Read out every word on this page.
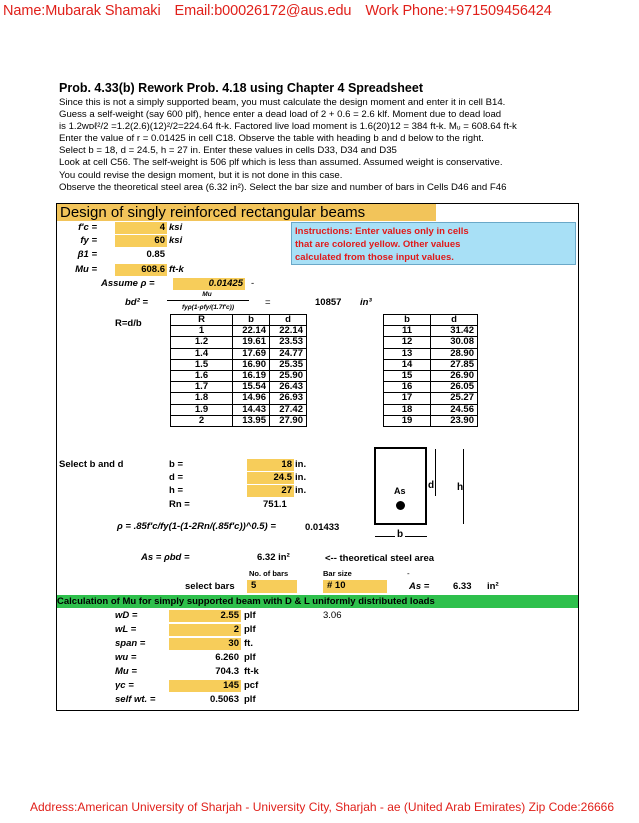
Name:Mubarak Shamaki Email:b00026172@aus.edu Work Phone:+971509456424
Prob. 4.33(b) Rework Prob. 4.18 using Chapter 4 Spreadsheet
Since this is not a simply supported beam, you must calculate the design moment and enter it in cell B14.
Guess a self-weight (say 600 plf), hence enter a dead load of 2 + 0.6 = 2.6 klf. Moment due to dead load
is 1.2wᴅℓ²/2 =1.2(2.6)(12)²/2=224.64 ft-k. Factored live load moment is 1.6(20)12 = 384 ft-k. Mᵤ = 608.64 ft-k
Enter the value of r = 0.01425 in cell C18. Observe the table with heading b and d below to the right.
Select b = 18, d = 24.5, h = 27 in. Enter these values in cells D33, D34 and D35
Look at cell C56. The self-weight is 506 plf which is less than assumed. Assumed weight is conservative.
You could revise the design moment, but it is not done in this case.
Observe the theoretical steel area (6.32 in²). Select the bar size and number of bars in Cells D46 and F46
Design of singly reinforced rectangular beams
Instructions: Enter values only in cells
that are colored yellow. Other values
calculated from those input values.
f'c =	4 ksi
fy =	60 ksi
β1 =	0.85
Mu =	608.6 ft-k
Assume ρ =	0.01425 -
bd² =
Mu
fyρ(1-ρfy/(1.7f'c))	=	10857 in³
R=d/b	R	b	d
1	22.14	22.14
1.2	19.61	23.53
1.4	17.69	24.77
1.5	16.90	25.35
1.6	16.19	25.90
1.7	15.54	26.43
1.8	14.96	26.93
1.9	14.43	27.42
2	13.95	27.90
b	d
11	31.42
12	30.08
13	28.90
14	27.85
15	26.90
16	26.05
17	25.27
18	24.56
19	23.90
Select b and d	b =	18 in.
d =	24.5 in.
h =	27 in.
Rn =	751.1
As d h
b
ρ = .85f'c/fy(1-(1-2Rn/(.85f'c))^0.5) =	0.01433
As = ρbd =	6.32 in²	<-- theoretical steel area
No. of bars	Bar size	-
select bars	5	# 10	As = 6.33 in²
Calculation of Mu for simply supported beam with D & L uniformly distributed loads
wD =	2.55 plf	3.06
wL =	2 plf
span =	30 ft.
wu =	6.260 plf
Mu =	704.3 ft-k
γc =	145 pcf
self wt. =	0.5063 plf
Address:American University of Sharjah - University City, Sharjah - ae (United Arab Emirates) Zip Code:26666
